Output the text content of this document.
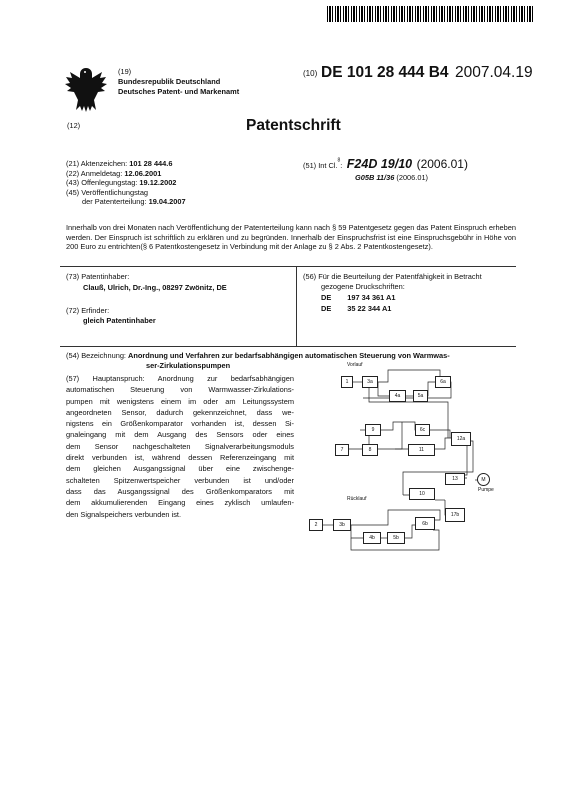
(19)
Bundesrepublik Deutschland
Deutsches Patent- und Markenamt
(10) DE 101 28 444 B4 2007.04.19
(12)	Patentschrift
(21) Aktenzeichen: 101 28 444.6
(22) Anmeldetag: 12.06.2001
(43) Offenlegungstag: 19.12.2002
(45) Veröffentlichungstag
der Patenterteilung: 19.04.2007
(51) Int Cl.$^8$: F24D 19/10 (2006.01)
G05B 11/36 (2006.01)
Innerhalb von drei Monaten nach Veröffentlichung der Patenterteilung kann nach § 59 Patentgesetz gegen das Patent Einspruch erheben werden. Der Einspruch ist schriftlich zu erklären und zu begründen. Innerhalb der Einspruchsfrist ist eine Einspruchsgebühr in Höhe von 200 Euro zu entrichten(§ 6 Patentkostengesetz in Verbindung mit der Anlage zu § 2 Abs. 2 Patentkostengesetz).
(73) Patentinhaber:
Clauß, Ulrich, Dr.-Ing., 08297 Zwönitz, DE
(72) Erfinder:
gleich Patentinhaber
(56) Für die Beurteilung der Patentfähigkeit in Betracht
gezogene Druckschriften:
DE 197 34 361 A1
DE 35 22 344 A1
(54) Bezeichnung: Anordnung und Verfahren zur bedarfsabhängigen automatischen Steuerung von Warmwas-
ser-Zirkulationspumpen
(57) Hauptanspruch: Anordnung zur bedarfsabhängigen
automatischen Steuerung von Warmwasser-Zirkulations-
pumpen mit wenigstens einem im oder am Leitungssystem
angeordneten Sensor, dadurch gekennzeichnet, dass we-
nigstens ein Größenkomparator vorhanden ist, dessen Si-
gnaleingang mit dem Ausgang des Sensors oder eines
dem Sensor nachgeschalteten Signalverarbeitungsmoduls
direkt verbunden ist, während dessen Referenzeingang mit
dem gleichen Ausgangssignal über eine zwischenge-
schalteten Spitzenwertspeicher verbunden ist und/oder
dass das Ausgangssignal des Größenkomparators mit
dem akkumulierenden Eingang eines zyklisch umlaufen-
den Signalspeichers verbunden ist.
Vorlauf
Rücklauf
Pumpe
1	3a
4a	5a
6a
9	6c
12a
7	8	11
13	M
10
17b
2	3b
4b	5b
6b
